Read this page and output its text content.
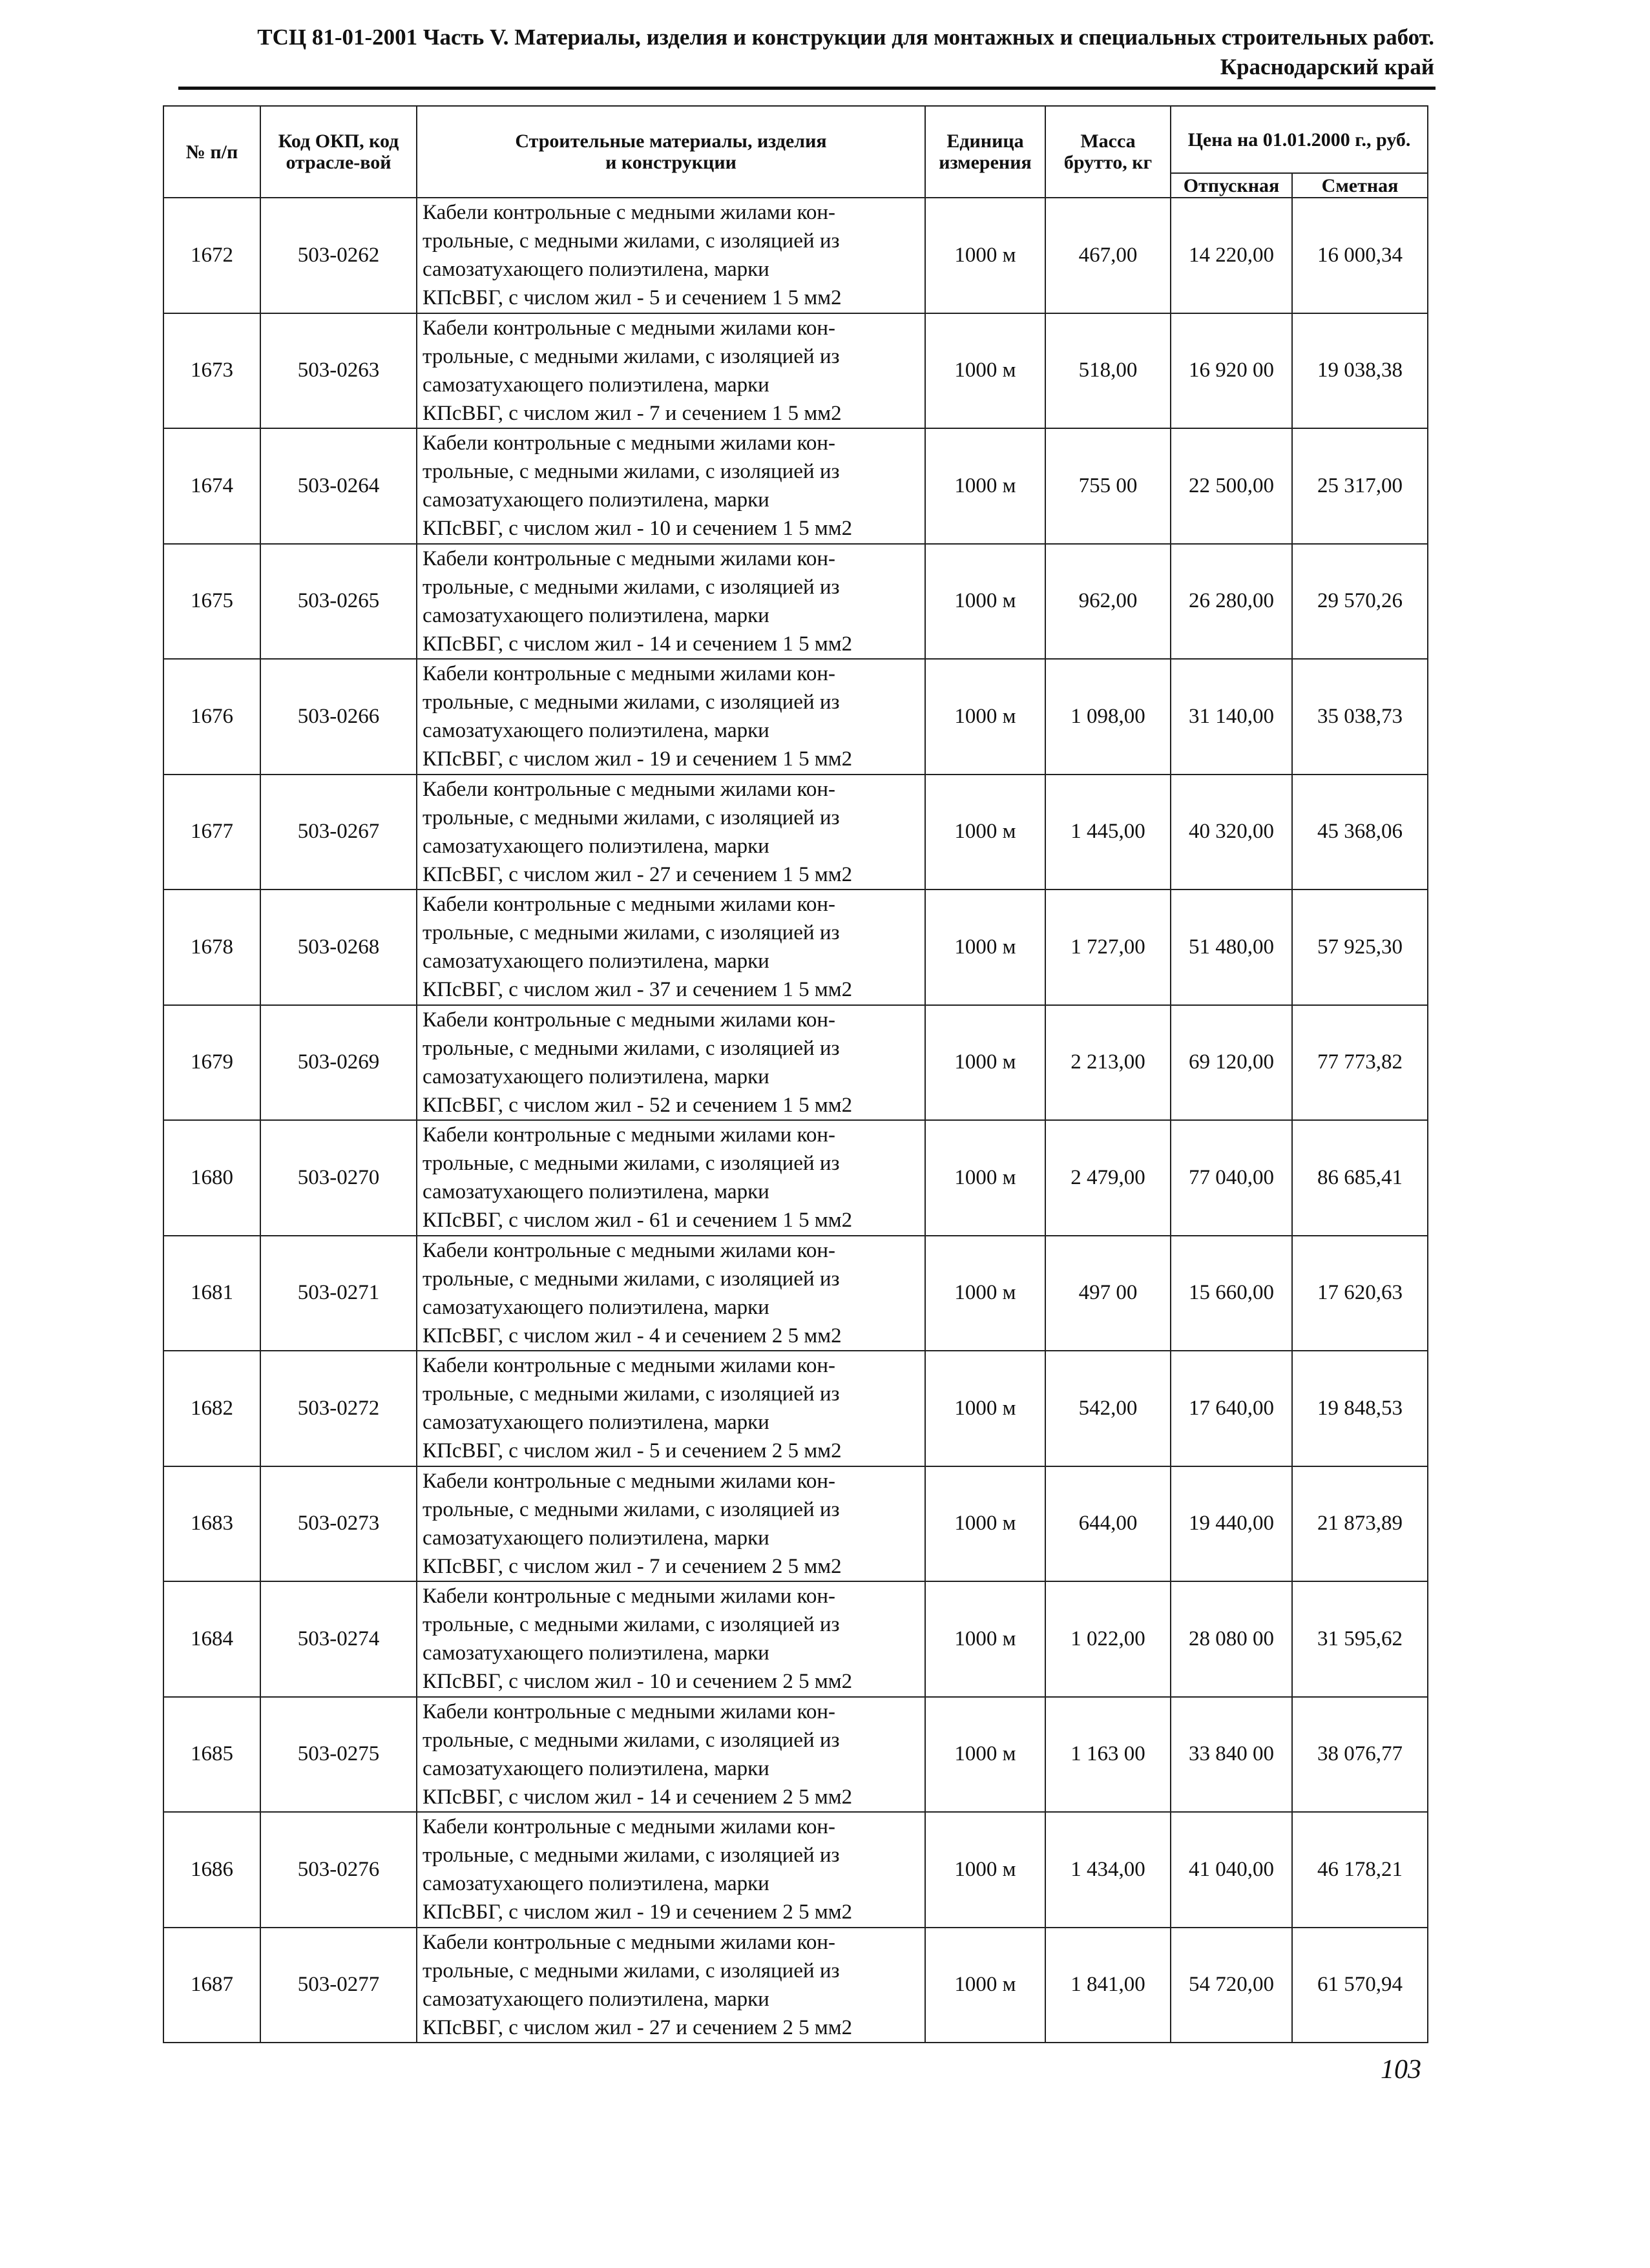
ТСЦ 81-01-2001 Часть V. Материалы, изделия и конструкции для монтажных и специальных строительных работ.
Краснодарский край
№ п/п	Код ОКП, код отрасле-вой	Строительные материалы, изделия
и конструкции	Единица
измерения	Масса
брутто, кг	Цена на 01.01.2000 г., руб.	
					Отпускная	Сметная
1672	503-0262	Кабели контрольные с медными жилами кон-
трольные, с медными жилами, с изоляцией из
самозатухающего полиэтилена, марки
КПсВБГ, с числом жил - 5 и сечением 1 5 мм2	1000 м	467,00	14 220,00	16 000,34
1673	503-0263	Кабели контрольные с медными жилами кон-
трольные, с медными жилами, с изоляцией из
самозатухающего полиэтилена, марки
КПсВБГ, с числом жил - 7 и сечением 1 5 мм2	1000 м	518,00	16 920 00	19 038,38
1674	503-0264	Кабели контрольные с медными жилами кон-
трольные, с медными жилами, с изоляцией из
самозатухающего полиэтилена, марки
КПсВБГ, с числом жил - 10 и сечением 1 5 мм2	1000 м	755 00	22 500,00	25 317,00
1675	503-0265	Кабели контрольные с медными жилами кон-
трольные, с медными жилами, с изоляцией из
самозатухающего полиэтилена, марки
КПсВБГ, с числом жил - 14 и сечением 1 5 мм2	1000 м	962,00	26 280,00	29 570,26
1676	503-0266	Кабели контрольные с медными жилами кон-
трольные, с медными жилами, с изоляцией из
самозатухающего полиэтилена, марки
КПсВБГ, с числом жил - 19 и сечением 1 5 мм2	1000 м	1 098,00	31 140,00	35 038,73
1677	503-0267	Кабели контрольные с медными жилами кон-
трольные, с медными жилами, с изоляцией из
самозатухающего полиэтилена, марки
КПсВБГ, с числом жил - 27 и сечением 1 5 мм2	1000 м	1 445,00	40 320,00	45 368,06
1678	503-0268	Кабели контрольные с медными жилами кон-
трольные, с медными жилами, с изоляцией из
самозатухающего полиэтилена, марки
КПсВБГ, с числом жил - 37 и сечением 1 5 мм2	1000 м	1 727,00	51 480,00	57 925,30
1679	503-0269	Кабели контрольные с медными жилами кон-
трольные, с медными жилами, с изоляцией из
самозатухающего полиэтилена, марки
КПсВБГ, с числом жил - 52 и сечением 1 5 мм2	1000 м	2 213,00	69 120,00	77 773,82
1680	503-0270	Кабели контрольные с медными жилами кон-
трольные, с медными жилами, с изоляцией из
самозатухающего полиэтилена, марки
КПсВБГ, с числом жил - 61 и сечением 1 5 мм2	1000 м	2 479,00	77 040,00	86 685,41
1681	503-0271	Кабели контрольные с медными жилами кон-
трольные, с медными жилами, с изоляцией из
самозатухающего полиэтилена, марки
КПсВБГ, с числом жил - 4 и сечением 2 5 мм2	1000 м	497 00	15 660,00	17 620,63
1682	503-0272	Кабели контрольные с медными жилами кон-
трольные, с медными жилами, с изоляцией из
самозатухающего полиэтилена, марки
КПсВБГ, с числом жил - 5 и сечением 2 5 мм2	1000 м	542,00	17 640,00	19 848,53
1683	503-0273	Кабели контрольные с медными жилами кон-
трольные, с медными жилами, с изоляцией из
самозатухающего полиэтилена, марки
КПсВБГ, с числом жил - 7 и сечением 2 5 мм2	1000 м	644,00	19 440,00	21 873,89
1684	503-0274	Кабели контрольные с медными жилами кон-
трольные, с медными жилами, с изоляцией из
самозатухающего полиэтилена, марки
КПсВБГ, с числом жил - 10 и сечением 2 5 мм2	1000 м	1 022,00	28 080 00	31 595,62
1685	503-0275	Кабели контрольные с медными жилами кон-
трольные, с медными жилами, с изоляцией из
самозатухающего полиэтилена, марки
КПсВБГ, с числом жил - 14 и сечением 2 5 мм2	1000 м	1 163 00	33 840 00	38 076,77
1686	503-0276	Кабели контрольные с медными жилами кон-
трольные, с медными жилами, с изоляцией из
самозатухающего полиэтилена, марки
КПсВБГ, с числом жил - 19 и сечением 2 5 мм2	1000 м	1 434,00	41 040,00	46 178,21
1687	503-0277	Кабели контрольные с медными жилами кон-
трольные, с медными жилами, с изоляцией из
самозатухающего полиэтилена, марки
КПсВБГ, с числом жил - 27 и сечением 2 5 мм2	1000 м	1 841,00	54 720,00	61 570,94
103
